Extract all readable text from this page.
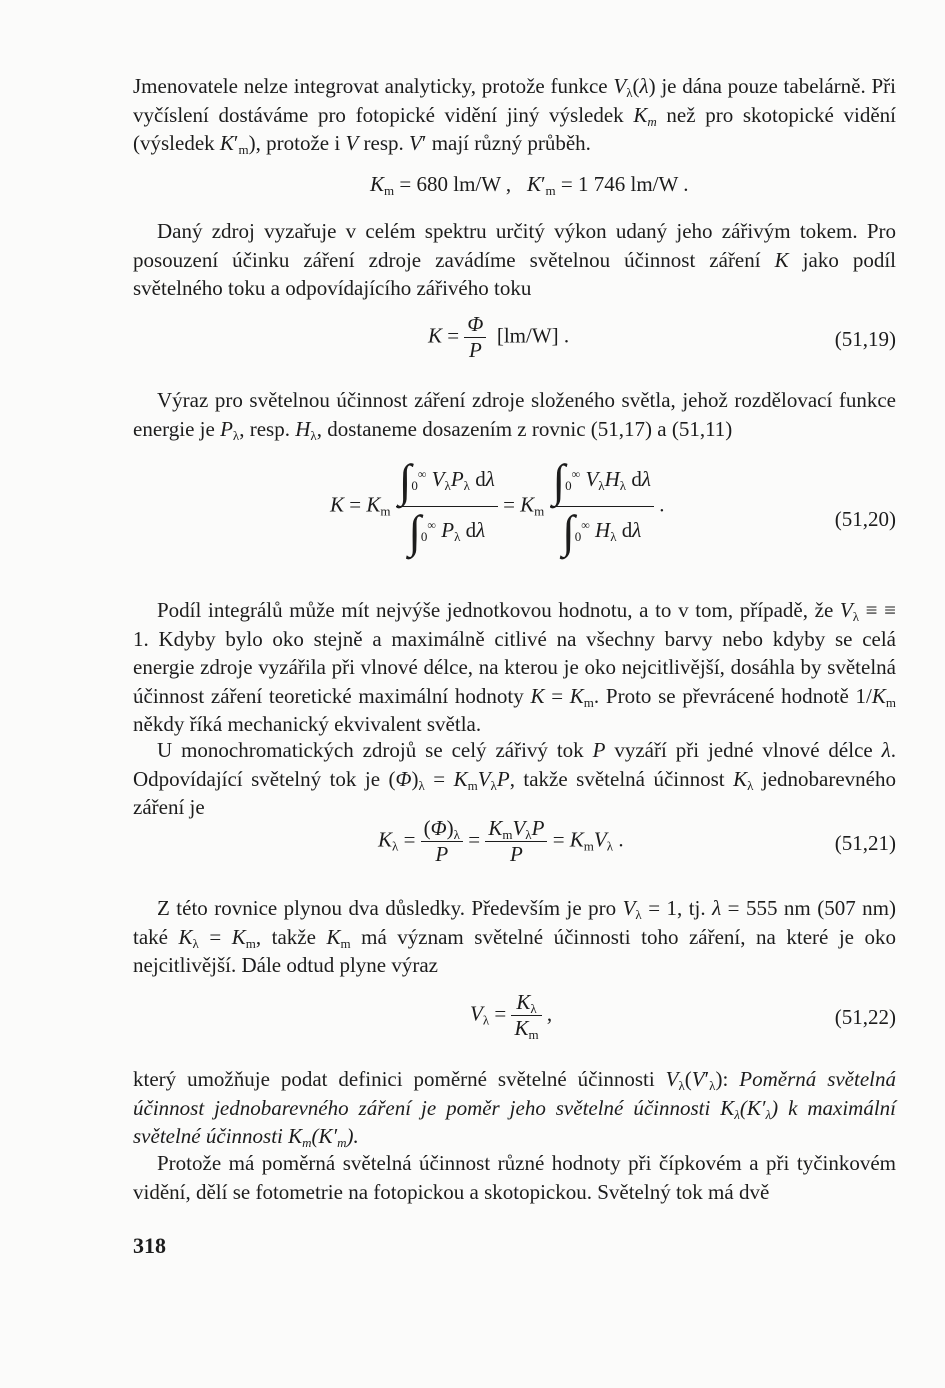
Jmenovatele nelze integrovat analyticky, protože funkce $V_\lambda(\lambda)$ je dána pouze tabelárně. Při vyčíslení dostáváme pro fotopické vidění jiný výsledek $K_m$ než pro skotopické vidění (výsledek $K'_m$), protože i V resp. V′ mají různý průběh.
$K_m = 680$ lm/W ,   $K'_m = 1$ 746 lm/W .
Daný zdroj vyzařuje v celém spektru určitý výkon udaný jeho zářivým tokem. Pro posouzení účinku záření zdroje zavádíme světelnou účinnost záření K jako podíl světelného toku a odpovídajícího zářivého toku
$K = \frac{\Phi}{P} [lm/W]$ .	(51,19)
Výraz pro světelnou účinnost záření zdroje složeného světla, jehož rozdělovací funkce energie je $P_\lambda$, resp. $H_\lambda$, dostaneme dosazením z rovnic (51,17) a (51,11)
$K = K_m \frac{\int_0^\infty V_\lambda P_\lambda d\lambda}{\int_0^\infty P_\lambda d\lambda} = K_m \frac{\int_0^\infty V_\lambda H_\lambda d\lambda}{\int_0^\infty H_\lambda d\lambda}$ .
(51,20)
Podíl integrálů může mít nejvýše jednotkovou hodnotu, a to v tom, případě, že $V_\lambda$ ≡ ≡ 1. Kdyby bylo oko stejně a maximálně citlivé na všechny barvy nebo kdyby se celá energie zdroje vyzářila při vlnové délce, na kterou je oko nejcitlivější, dosáhla by světelná účinnost záření teoretické maximální hodnoty $K = K_m$. Proto se převrácené hodnotě $1/K_m$ někdy říká mechanický ekvivalent světla.
U monochromatických zdrojů se celý zářivý tok P vyzáří při jedné vlnové délce λ. Odpovídající světelný tok je $(\Phi)_\lambda = K_mV_\lambda P$, takže světelná účinnost $K_\lambda$ jednobarevného záření je
$K_\lambda = \frac{(\Phi)_\lambda}{P} = \frac{K_mV_\lambda P}{P} = K_mV_\lambda$ .	(51,21)
Z této rovnice plynou dva důsledky. Především je pro $V_\lambda = 1$, tj. λ = 555 nm (507 nm) také $K_\lambda = K_m$, takže $K_m$ má význam světelné účinnosti toho záření, na které je oko nejcitlivější. Dále odtud plyne výraz
$V_\lambda = \frac{K_\lambda}{K_m}$ ,	(51,22)
který umožňuje podat definici poměrné světelné účinnosti $V_\lambda(V'_\lambda)$: Poměrná světelná účinnost jednobarevného záření je poměr jeho světelné účinnosti $K_\lambda(K'_\lambda)$ k maximální světelné účinnosti $K_m(K'_m)$.
Protože má poměrná světelná účinnost různé hodnoty při čípkovém a při tyčinkovém vidění, dělí se fotometrie na fotopickou a skotopickou. Světelný tok má dvě
318
